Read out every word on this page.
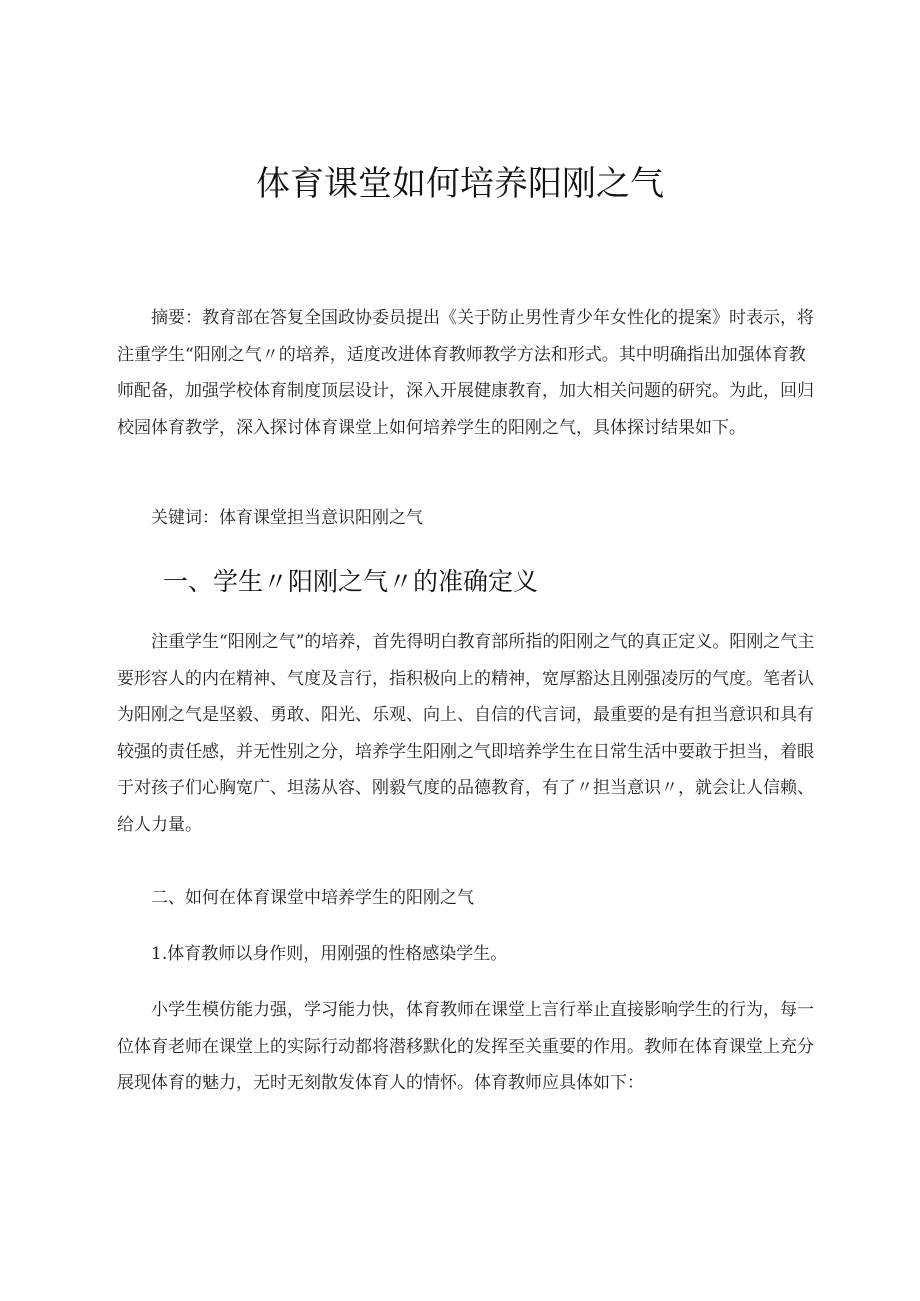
体育课堂如何培养阳刚之气

摘要：教育部在答复全国政协委员提出《关于防止男性青少年女性化的提案》时表示，将注重学生“阳刚之气〃的培养，适度改进体育教师教学方法和形式。其中明确指出加强体育教师配备，加强学校体育制度顶层设计，深入开展健康教育，加大相关问题的研究。为此，回归校园体育教学，深入探讨体育课堂上如何培养学生的阳刚之气，具体探讨结果如下。

关键词：体育课堂担当意识阳刚之气

一、学生〃阳刚之气〃的准确定义

注重学生“阳刚之气”的培养，首先得明白教育部所指的阳刚之气的真正定义。阳刚之气主要形容人的内在精神、气度及言行，指积极向上的精神，宽厚豁达且刚强凌厉的气度。笔者认为阳刚之气是坚毅、勇敢、阳光、乐观、向上、自信的代言词，最重要的是有担当意识和具有较强的责任感，并无性别之分，培养学生阳刚之气即培养学生在日常生活中要敢于担当，着眼于对孩子们心胸宽广、坦荡从容、刚毅气度的品德教育，有了〃担当意识〃，就会让人信赖、给人力量。

二、如何在体育课堂中培养学生的阳刚之气

1.体育教师以身作则，用刚强的性格感染学生。

小学生模仿能力强，学习能力快，体育教师在课堂上言行举止直接影响学生的行为，每一位体育老师在课堂上的实际行动都将潜移默化的发挥至关重要的作用。教师在体育课堂上充分展现体育的魅力，无时无刻散发体育人的情怀。体育教师应具体如下：
